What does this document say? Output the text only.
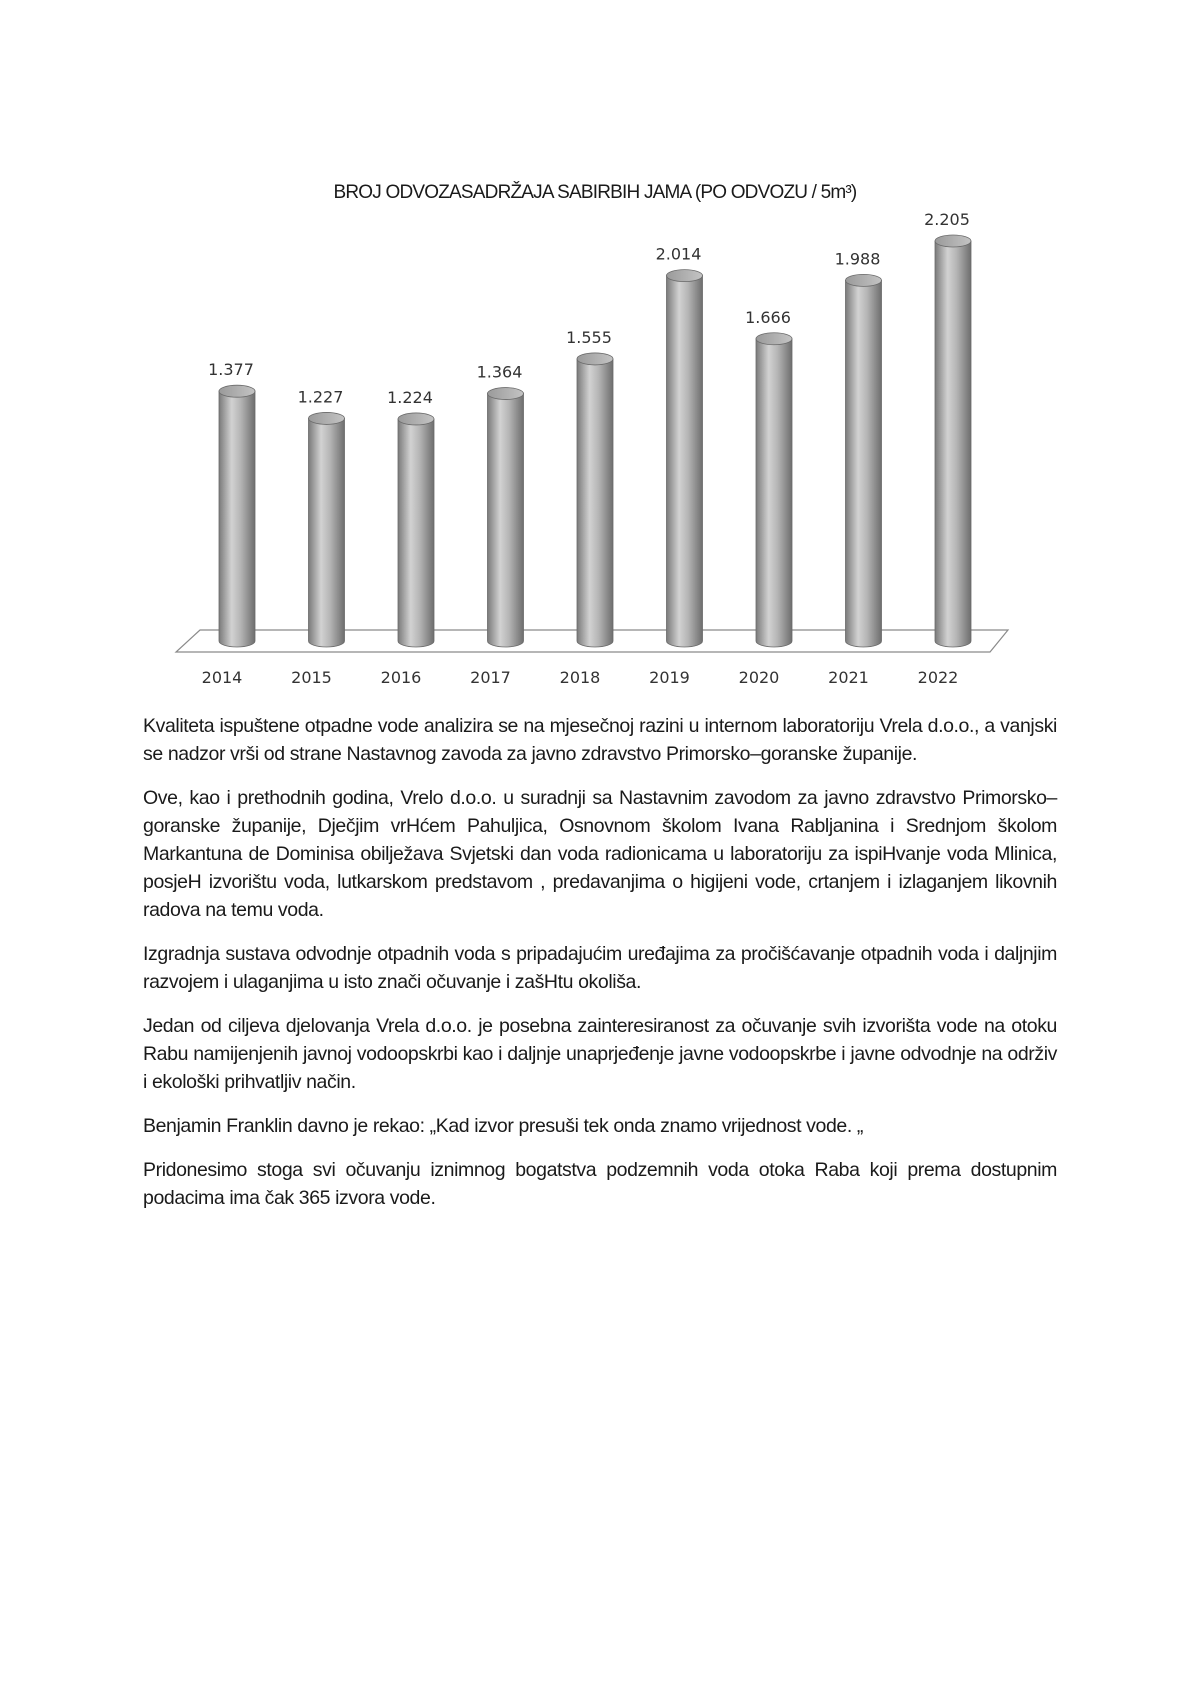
BROJ ODVOZASADRŽAJA SABIRBIH JAMA (PO ODVOZU / 5m³)
1.377
2014
1.227
2015
1.224
2016
1.364
2017
1.555
2018
2.014
2019
1.666
2020
1.988
2021
2.205
2022

Kvaliteta ispuštene otpadne vode analizira se na mjesečnoj razini u internom laboratoriju Vrela d.o.o., a vanjski se nadzor vrši od strane Nastavnog zavoda za javno zdravstvo Primorsko–goranske županije.

Ove, kao i prethodnih godina, Vrelo d.o.o. u suradnji sa Nastavnim zavodom za javno zdravstvo Primorsko–goranske županije, Dječjim vrHćem Pahuljica, Osnovnom školom Ivana Rabljanina i Srednjom školom Markantuna de Dominisa obilježava Svjetski dan voda radionicama u laboratoriju za ispiHvanje voda Mlinica, posjeH izvorištu voda, lutkarskom predstavom , predavanjima o higijeni vode, crtanjem i izlaganjem likovnih radova na temu voda.

Izgradnja sustava odvodnje otpadnih voda s pripadajućim uređajima za pročišćavanje otpadnih voda i daljnjim razvojem i ulaganjima u isto znači očuvanje i zašHtu okoliša.

Jedan od ciljeva djelovanja Vrela d.o.o. je posebna zainteresiranost za očuvanje svih izvorišta vode na otoku Rabu namijenjenih javnoj vodoopskrbi kao i daljnje unaprjeđenje javne vodoopskrbe i javne odvodnje na održiv i ekološki prihvatljiv način.

Benjamin Franklin davno je rekao: „Kad izvor presuši tek onda znamo vrijednost vode. „

Pridonesimo stoga svi očuvanju iznimnog bogatstva podzemnih voda otoka Raba koji prema dostupnim podacima ima čak 365 izvora vode.
